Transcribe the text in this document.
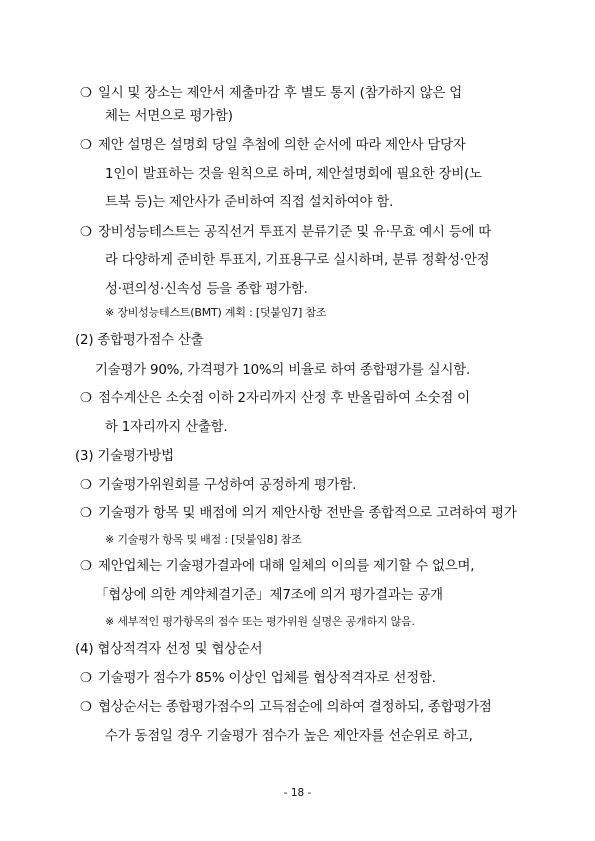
❍ 일시 및 장소는 제안서 제출마감 후 별도 통지 (참가하지 않은 업
체는 서면으로 평가함)
❍ 제안 설명은 설명회 당일 추첨에 의한 순서에 따라 제안사 담당자
1인이 발표하는 것을 원칙으로 하며, 제안설명회에 필요한 장비(노
트북 등)는 제안사가 준비하여 직접 설치하여야 함.
❍ 장비성능테스트는 공직선거 투표지 분류기준 및 유·무효 예시 등에 따
라 다양하게 준비한 투표지, 기표용구로 실시하며, 분류 정확성·안정
성·편의성·신속성 등을 종합 평가함.
※ 장비성능테스트(BMT) 계획 : [덧붙임7] 참조
(2) 종합평가점수 산출
기술평가 90%, 가격평가 10%의 비율로 하여 종합평가를 실시함.
❍ 점수계산은 소숫점 이하 2자리까지 산정 후 반올림하여 소숫점 이
하 1자리까지 산출함.
(3) 기술평가방법
❍ 기술평가위원회를 구성하여 공정하게 평가함.
❍ 기술평가 항목 및 배점에 의거 제안사항 전반을 종합적으로 고려하여 평가
※ 기술평가 항목 및 배점 : [덧붙임8] 참조
❍ 제안업체는 기술평가결과에 대해 일체의 이의를 제기할 수 없으며,
「협상에 의한 계약체결기준」제7조에 의거 평가결과는 공개
※ 세부적인 평가항목의 점수 또는 평가위원 실명은 공개하지 않음.
(4) 협상적격자 선정 및 협상순서
❍ 기술평가 점수가 85% 이상인 업체를 협상적격자로 선정함.
❍ 협상순서는 종합평가점수의 고득점순에 의하여 결정하되, 종합평가점
수가 동점일 경우 기술평가 점수가 높은 제안자를 선순위로 하고,
- 18 -
